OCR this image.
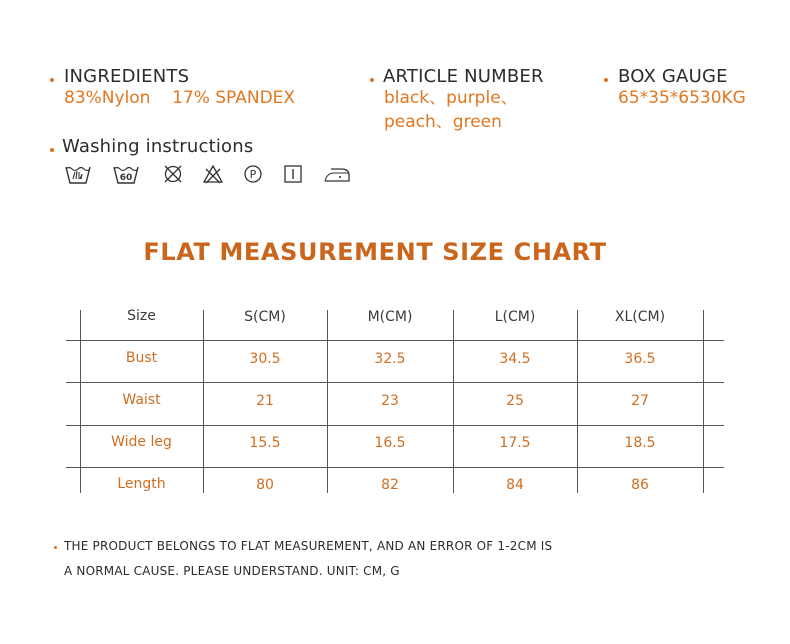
INGREDIENTS
83%Nylon    17% SPANDEX
ARTICLE NUMBER
black、purple、
peach、green
BOX GAUGE
65*35*6530KG
Washing instructions
60	P
FLAT MEASUREMENT SIZE CHART
Size	S(CM)	M(CM)	L(CM)	XL(CM)
Bust	30.5	32.5	34.5	36.5
Waist	21	23	25	27
Wide leg	15.5	16.5	17.5	18.5
Length	80	82	84	86
THE PRODUCT BELONGS TO FLAT MEASUREMENT, AND AN ERROR OF 1-2CM IS
A NORMAL CAUSE. PLEASE UNDERSTAND. UNIT: CM, G
